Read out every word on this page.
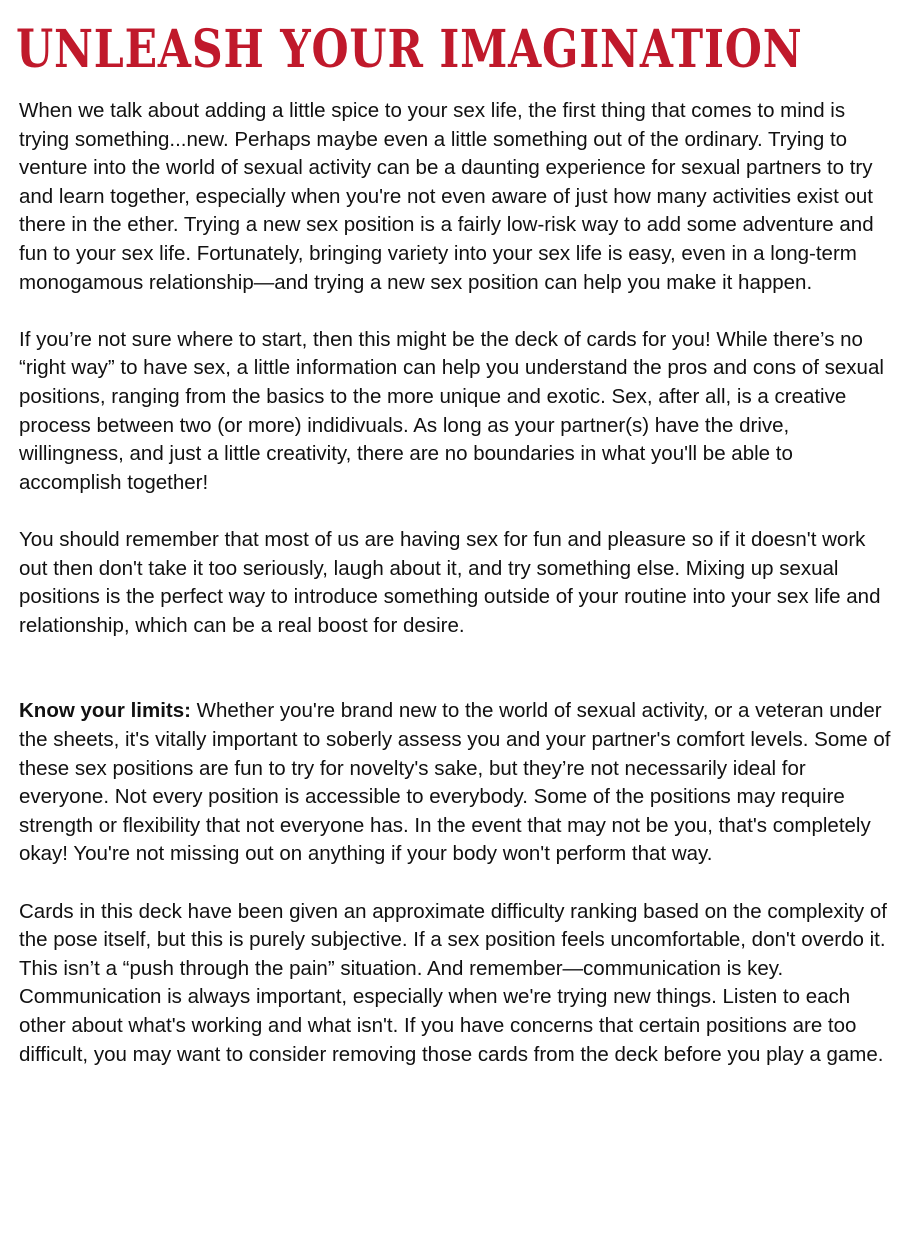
UNLEASH YOUR IMAGINATION

When we talk about adding a little spice to your sex life, the first thing that comes to mind is trying something...new. Perhaps maybe even a little something out of the ordinary. Trying to venture into the world of sexual activity can be a daunting experience for sexual partners to try and learn together, especially when you're not even aware of just how many activities exist out there in the ether. Trying a new sex position is a fairly low-risk way to add some adventure and fun to your sex life. Fortunately, bringing variety into your sex life is easy, even in a long-term monogamous relationship—and trying a new sex position can help you make it happen.

If you’re not sure where to start, then this might be the deck of cards for you! While there’s no “right way” to have sex, a little information can help you understand the pros and cons of sexual positions, ranging from the basics to the more unique and exotic. Sex, after all, is a creative process between two (or more) indidivuals. As long as your partner(s) have the drive, willingness, and just a little creativity, there are no boundaries in what you'll be able to accomplish together!

You should remember that most of us are having sex for fun and pleasure so if it doesn't work out then don't take it too seriously, laugh about it, and try something else. Mixing up sexual positions is the perfect way to introduce something outside of your routine into your sex life and relationship, which can be a real boost for desire.

Know your limits: Whether you're brand new to the world of sexual activity, or a veteran under the sheets, it's vitally important to soberly assess you and your partner's comfort levels. Some of these sex positions are fun to try for novelty's sake, but they’re not necessarily ideal for everyone. Not every position is accessible to everybody. Some of the positions may require strength or flexibility that not everyone has. In the event that may not be you, that's completely okay! You're not missing out on anything if your body won't perform that way.

Cards in this deck have been given an approximate difficulty ranking based on the complexity of the pose itself, but this is purely subjective. If a sex position feels uncomfortable, don't overdo it. This isn’t a “push through the pain” situation. And remember—communication is key. Communication is always important, especially when we're trying new things. Listen to each other about what's working and what isn't. If you have concerns that certain positions are too difficult, you may want to consider removing those cards from the deck before you play a game.
